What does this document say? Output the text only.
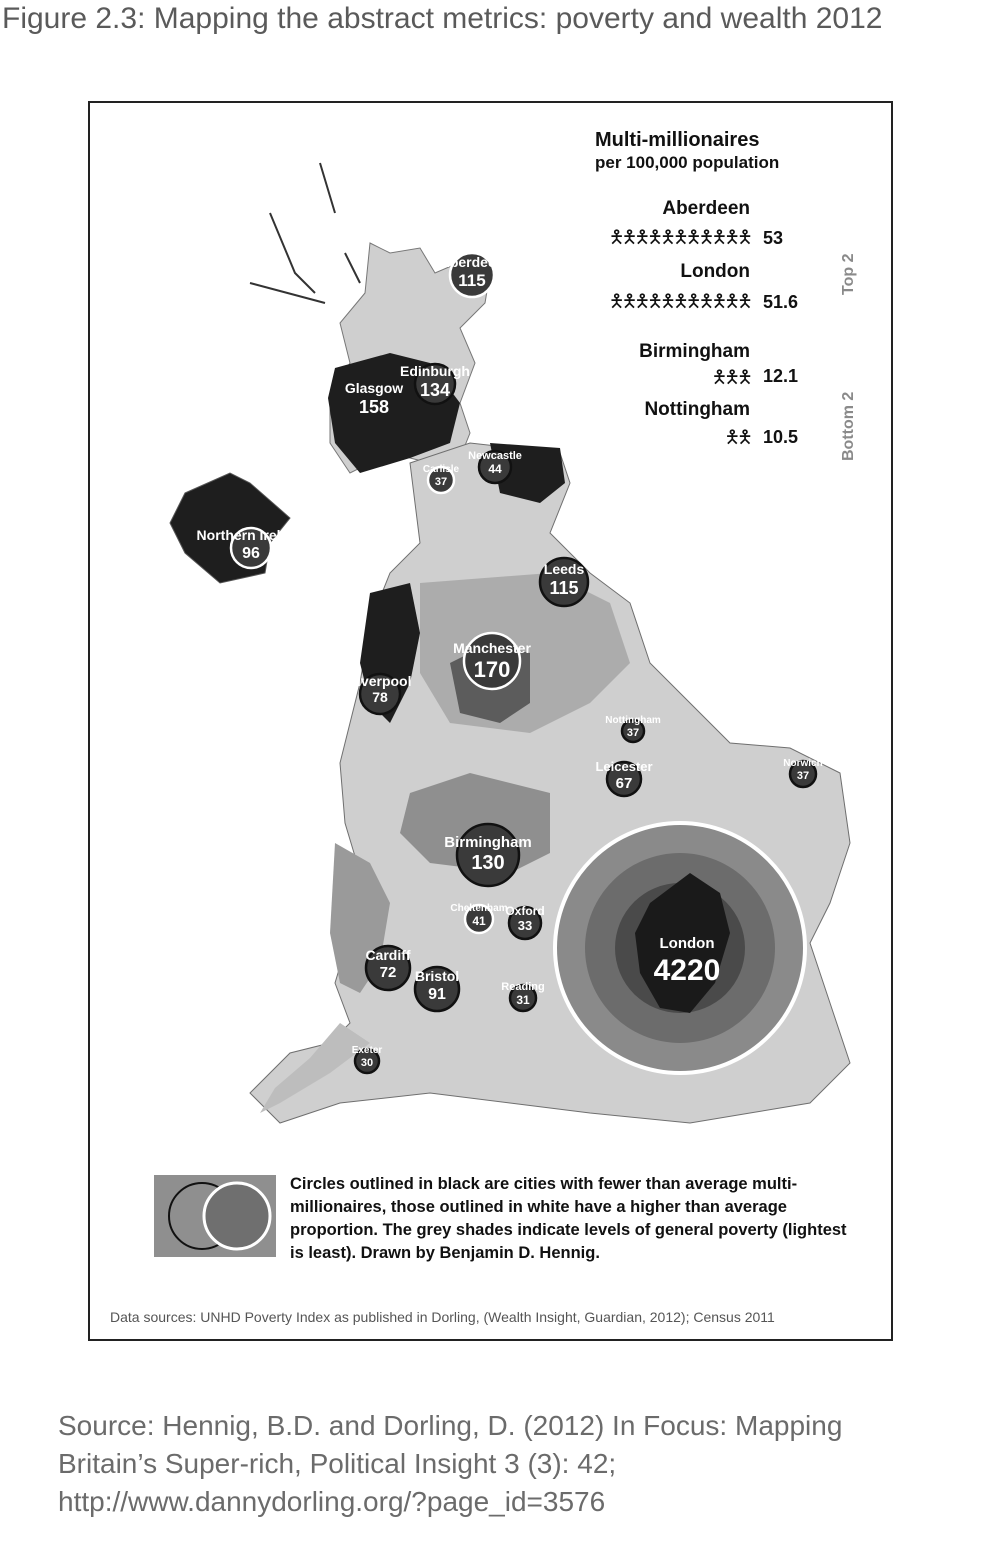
Figure 2.3: Mapping the abstract metrics: poverty and wealth 2012
Aberdeen
115
Edinburgh
134
Glasgow
158
Newcastle
44
Carlisle
37
Northern Ireland
96
Leeds
115
Manchester
170
Liverpool
78
Nottingham
37
Leicester
67
Norwich
37
Birmingham
130
Cheltenham
41
Oxford
33
London
4220
Cardiff
72 Bristol
91	Reading
31
Exeter
30
Multi-millionaires
per 100,000 population
Aberdeen
🯅🯅🯅🯅🯅🯅🯅🯅🯅🯅🯅 53
London
🯅🯅🯅🯅🯅🯅🯅🯅🯅🯅🯅 51.6
Birmingham
🯅🯅🯅 12.1
Nottingham
🯅🯅 10.5
Top 2
Bottom 2
Circles outlined in black are cities with fewer than average multi-millionaires, those outlined in white have a higher than average proportion. The grey shades indicate levels of general poverty (lightest is least). Drawn by Benjamin D. Hennig.
Data sources: UNHD Poverty Index as published in Dorling, (Wealth Insight, Guardian, 2012); Census 2011
Source: Hennig, B.D. and Dorling, D. (2012) In Focus: Mapping
Britain’s Super-rich, Political Insight 3 (3): 42;
http://www.dannydorling.org/?page_id=3576
